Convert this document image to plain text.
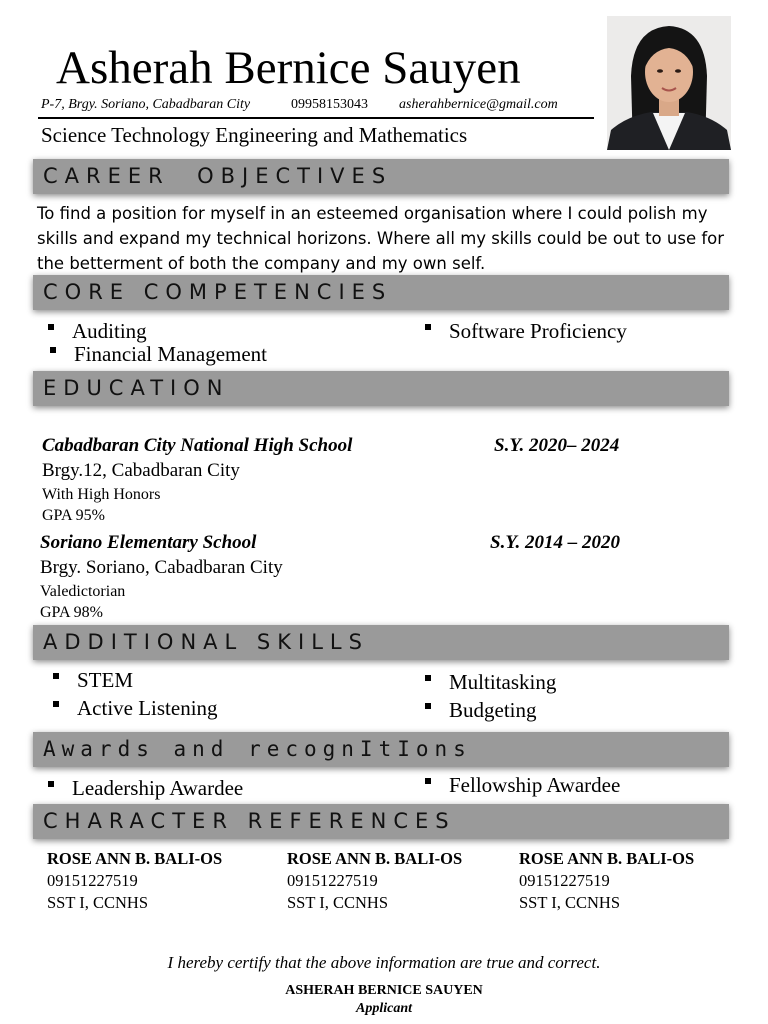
Asherah Bernice Sauyen
P-7, Brgy. Soriano, Cabadbaran City	09958153043 asherahbernice@gmail.com
Science Technology Engineering and Mathematics
CAREER  OBJECTIVES
To find a position for myself in an esteemed organisation where I could polish my skills and expand my technical horizons. Where all my skills could be out to use for the betterment of both the company and my own self.
CORE COMPETENCIES
Auditing
Financial Management
Software Proficiency
EDUCATION
Cabadbaran City National High School	S.Y. 2020– 2024
Brgy.12, Cabadbaran City
With High Honors
GPA 95%
Soriano Elementary School	S.Y. 2014 – 2020
Brgy. Soriano, Cabadbaran City
Valedictorian
GPA 98%
ADDITIONAL SKILLS
STEM
Active Listening
Multitasking
Budgeting
Awards and recognItIons
Leadership Awardee	Fellowship Awardee
CHARACTER REFERENCES
ROSE ANN B. BALI-OS
09151227519
SST I, CCNHS
ROSE ANN B. BALI-OS
09151227519
SST I, CCNHS
ROSE ANN B. BALI-OS
09151227519
SST I, CCNHS
I hereby certify that the above information are true and correct.
ASHERAH BERNICE SAUYEN
Applicant
